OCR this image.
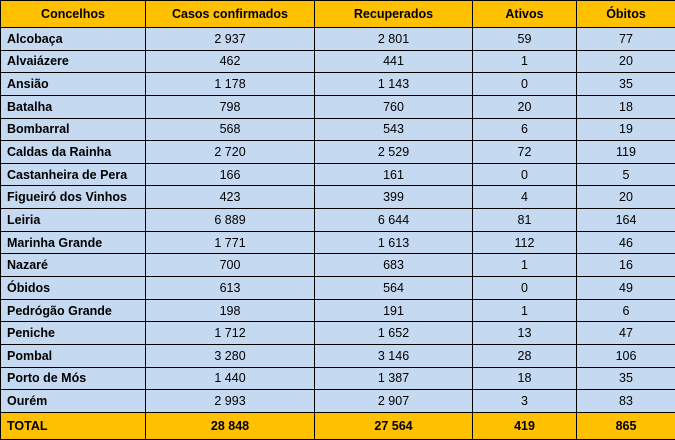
Concelhos	Casos confirmados	Recuperados	Ativos	Óbitos
Alcobaça	2 937	2 801	59	77
Alvaiázere	462	441	1	20
Ansião	1 178	1 143	0	35
Batalha	798	760	20	18
Bombarral	568	543	6	19
Caldas da Rainha	2 720	2 529	72	119
Castanheira de Pera	166	161	0	5
Figueiró dos Vinhos	423	399	4	20
Leiria	6 889	6 644	81	164
Marinha Grande	1 771	1 613	112	46
Nazaré	700	683	1	16
Óbidos	613	564	0	49
Pedrógão Grande	198	191	1	6
Peniche	1 712	1 652	13	47
Pombal	3 280	3 146	28	106
Porto de Mós	1 440	1 387	18	35
Ourém	2 993	2 907	3	83
TOTAL	28 848	27 564	419	865
